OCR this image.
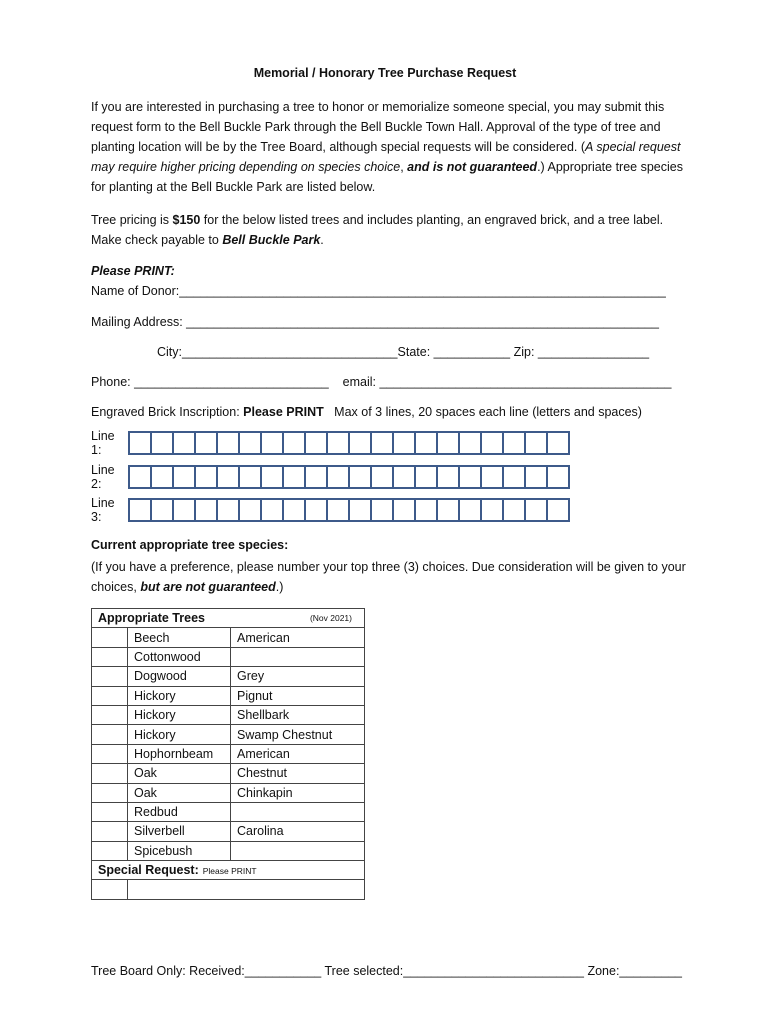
Memorial / Honorary Tree Purchase Request
If you are interested in purchasing a tree to honor or memorialize someone special, you may submit this request form to the Bell Buckle Park through the Bell Buckle Town Hall. Approval of the type of tree and planting location will be by the Tree Board, although special requests will be considered. (A special request may require higher pricing depending on species choice, and is not guaranteed.) Appropriate tree species for planting at the Bell Buckle Park are listed below.
Tree pricing is $150 for the below listed trees and includes planting, an engraved brick, and a tree label. Make check payable to Bell Buckle Park.
Please PRINT:
Name of Donor:______________________________________________________________________
Mailing Address: ____________________________________________________________________
City:_______________________________State: ___________ Zip: ________________
Phone: ____________________________    email: __________________________________________
Engraved Brick Inscription: Please PRINT   Max of 3 lines, 20 spaces each line (letters and spaces)
Line 1:
Line 2:
Line 3:
Current appropriate tree species:
(If you have a preference, please number your top three (3) choices. Due consideration will be given to your choices, but are not guaranteed.)
Appropriate Trees (Nov 2021)		

	Beech	American
	Cottonwood	
	Dogwood	Grey
	Hickory	Pignut
	Hickory	Shellbark
	Hickory	Swamp Chestnut
	Hophornbeam	American
	Oak	Chestnut
	Oak	Chinkapin
	Redbud	
	Silverbell	Carolina
	Spicebush	
Special Request: Please PRINT		

Tree Board Only: Received:___________ Tree selected:__________________________ Zone:_________
